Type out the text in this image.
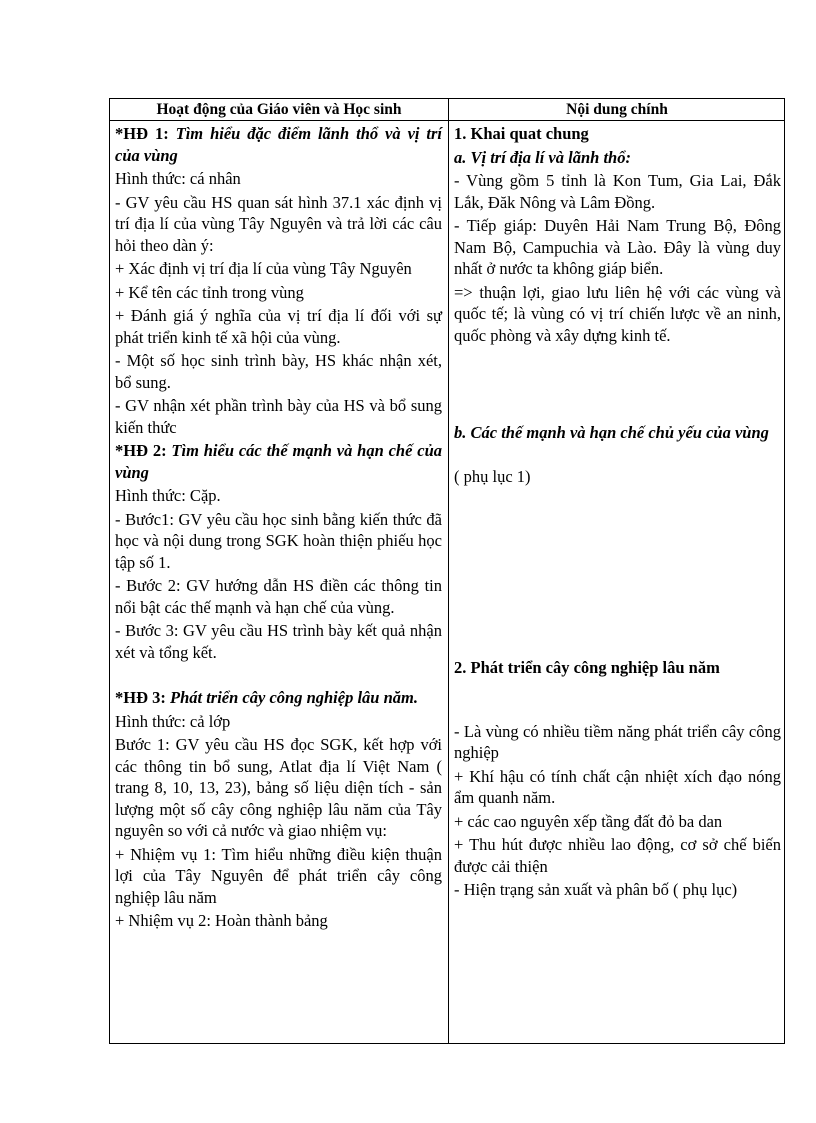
Hoạt động của Giáo viên và Học sinh	Nội dung chính

*HĐ 1: Tìm hiểu đặc điểm lãnh thổ và vị trí của vùng

Hình thức: cá nhân

- GV yêu cầu HS quan sát hình 37.1 xác định vị trí địa lí của vùng Tây Nguyên và trả lời các câu hỏi theo dàn ý:

+ Xác định vị trí địa lí của vùng Tây Nguyên

+ Kể tên các tỉnh trong vùng

+ Đánh giá ý nghĩa của vị trí địa lí đối với sự phát triển kinh tế xã hội của vùng.

- Một số học sinh trình bày, HS khác nhận xét, bổ sung.

- GV nhận xét phần trình bày của HS và bổ sung kiến thức

*HĐ 2: Tìm hiểu các thế mạnh và hạn chế của vùng

Hình thức: Cặp.

- Bước1: GV yêu cầu học sinh bằng kiến thức đã học và nội dung trong SGK hoàn thiện phiếu học tập số 1.

- Bước 2: GV hướng dẫn HS điền các thông tin nổi bật các thế mạnh và hạn chế của vùng.

- Bước 3: GV yêu cầu HS trình bày kết quả nhận xét và tổng kết.

*HĐ 3: Phát triển cây công nghiệp lâu năm.

Hình thức: cả lớp

Bước 1: GV yêu cầu HS đọc SGK, kết hợp với các thông tin bổ sung, Atlat địa lí Việt Nam ( trang 8, 10, 13, 23), bảng số liệu diện tích - sản lượng một số cây công nghiệp lâu năm của Tây nguyên so với cả nước và giao nhiệm vụ:

+ Nhiệm vụ 1: Tìm hiểu những điều kiện thuận lợi của Tây Nguyên để phát triển cây công nghiệp lâu năm

+ Nhiệm vụ 2: Hoàn thành bảng

1. Khai quat chung

a. Vị trí địa lí và lãnh thổ:

- Vùng gồm 5 tỉnh là Kon Tum, Gia Lai, Đắk Lắk, Đăk Nông và Lâm Đồng.

- Tiếp giáp: Duyên Hải Nam Trung Bộ, Đông Nam Bộ, Campuchia và Lào. Đây là vùng duy nhất ở nước ta không giáp biển.

=> thuận lợi, giao lưu liên hệ với các vùng và quốc tế; là vùng có vị trí chiến lược về an ninh, quốc phòng và xây dựng kinh tế.

b. Các thế mạnh và hạn chế chủ yếu của vùng

( phụ lục 1)

2. Phát triển cây công nghiệp lâu năm

- Là vùng có nhiều tiềm năng phát triển cây công nghiệp

+ Khí hậu có tính chất cận nhiệt xích đạo nóng ẩm quanh năm.

+ các cao nguyên xếp tầng đất đỏ ba dan

+ Thu hút được nhiều lao động, cơ sở chế biến được cải thiện

- Hiện trạng sản xuất và phân bố ( phụ lục)
